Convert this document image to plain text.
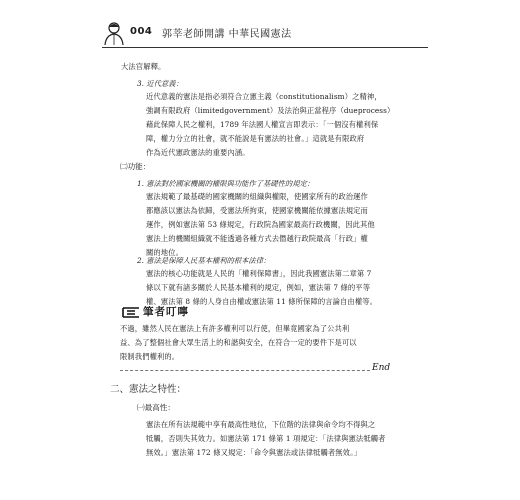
004 郭莘老師開講 中華民國憲法
大法官解釋。
3. 近代意義：
近代意義的憲法是指必須符合立憲主義（constitutionalism）之精神，
強調有限政府（limitedgovernment）及法治與正當程序（dueprocess）
藉此保障人民之權利，1789 年法國人權宣言即表示：「一個沒有權利保
障，權力分立的社會，就不能說是有憲法的社會。」這就是有限政府
作為近代憲政憲法的重要內涵。
㈡功能：
1. 憲法對於國家機關的權限與功能作了基礎性的規定：
憲法規範了最基礎的國家機關的組織與權限，使國家所有的政治運作
都應該以憲法為依歸，受憲法所拘束，使國家機關能依據憲法規定而
運作，例如憲法第 53 條規定，行政院為國家最高行政機關，因此其他
憲法上的機關組織就不能透過各種方式去僭越行政院最高「行政」權
關的地位。
2. 憲法是保障人民基本權利的根本法律：
憲法的核心功能就是人民的「權利保障書」，因此我國憲法第二章第 7
條以下就有諸多關於人民基本權利的規定，例如，憲法第 7 條的平等
權、憲法第 8 條的人身自由權或憲法第 11 條所保障的言論自由權等。
筆者叮嚀
不過，雖然人民在憲法上有許多權利可以行使，但畢竟國家為了公共利
益、為了整個社會大眾生活上的和諧與安全，在符合一定的要件下是可以
限制我們權利的。
End
二、憲法之特性：
㈠最高性：
憲法在所有法規範中享有最高性地位，下位階的法律與命令均不得與之
牴觸，否則失其效力。如憲法第 171 條第 1 項規定：「法律與憲法牴觸者
無效。」憲法第 172 條又規定：「命令與憲法或法律牴觸者無效。」
